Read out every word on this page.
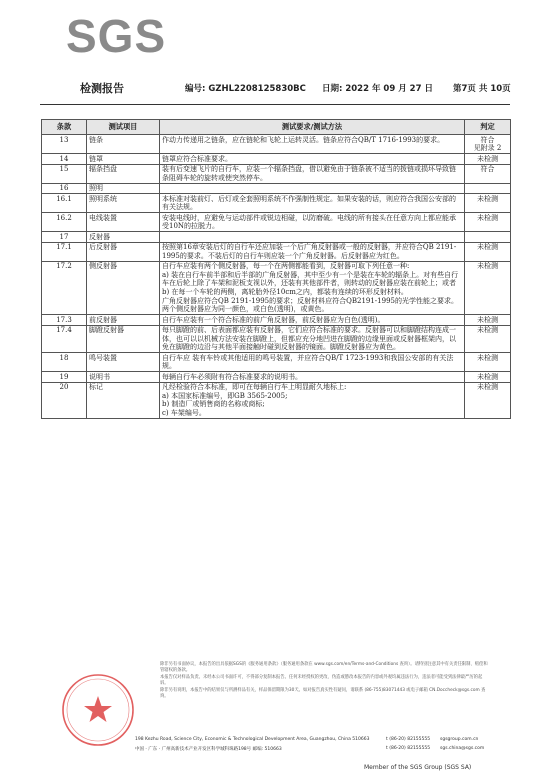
SGS
检测报告	编号: GZHL2208125830BC 日期: 2022 年 09 月 27 日 第7页 共 10页
条款	测试项目	测试要求/测试方法	判定
13	链条	作动力传递用之链条，应在链轮和飞轮上运转灵活。链条应符合QB/T 1716-1993的要求。	符合
见附录 2
14	链罩	链罩应符合标准要求。	未检测
15	辐条挡盘	装有后变速飞片的自行车，应装一个辐条挡盘，借以避免由于链条被不适当的拨链或损坏导致链条阻碍车轮的旋转或使突然停车。	符合
16	照明		
16.1	照明系统	本标准对装前灯、后灯或全套照明系统不作强制性规定。如果安装的话，则应符合我国公安部的有关法规。	未检测
16.2	电线装置	安装电线时，应避免与运动部件或锐边相碰，以防磨破。电线的所有接头在任意方向上都应能承受10N的拉脱力。	未检测
17	反射器		
17.1	后反射器	按照第16章安装后灯的自行车还应加装一个后广角反射器或一般的反射器，并应符合QB 2191-1995的要求。不装后灯的自行车则应装一个广角反射器。后反射器应为红色。	未检测
17.2	侧反射器	自行车应装有两个侧反射器，每一个在两侧都能看到，反射器可取下列任意一种:
a) 装在自行车前半部和后半部的广角反射器，其中至少有一个是装在车轮的辐条上。对有些自行车在后轮上除了车架和泥板支视以外，还装有其他部件者，则转动的反射器应装在前轮上；或者
b) 在每一个车轮的两侧，离轮胎外径10cm之内，都装有连续的环形反射材料。
广角反射器应符合QB 2191-1995的要求；反射材料应符合QB2191-1995的光学性能之要求。两个侧反射器应为同一颜色，或白色(透明)，或黄色。	未检测
17.3	前反射器	自行车应装有一个符合标准的前广角反射器，前反射器应为白色(透明)。	未检测
17.4	脚蹬反射器	每只脚蹬的前、后表面都应装有反射器，它们应符合标准的要求。反射器可以和脚蹬结构连成一体，也可以以机械方法安装在脚蹬上，但都应充分地凹进在脚蹬的边缘里面或反射器框架内，以免在脚蹬的边沿与其他平面接触时碰到反射器的镜面。脚蹬反射器应为黄色。	未检测
18	鸣号装置	自行车应 装有车铃或其他适用的鸣号装置，并应符合QB/T 1723-1993和我国公安部的有关法规。	未检测
19	说明书	每辆自行车必须附有符合标准要求的说明书。	未检测
20	标记	凡经检验符合本标准，即可在每辆自行车上明显耐久地标上:
a) 本国家标准编号，即GB 3565-2005;
b) 制造厂或销售商的名称或商标;
c) 车架编号。	未检测

除非另有书面协议，本报告的出具依据SGS的《服务通用条款》（服务通用条款在 www.sgs.com/en/Terms-and-Conditions 查询）。请特别注意其中有关责任限制、赔偿和管辖权的条款。

本报告仅对样品负责。未经本公司书面许可，不得部分复制本报告。任何未经授权的更改、伪造或篡改本报告的内容或外观均属违法行为，违法者可能受到法律最严厉的起诉。

除非另有说明，本报告中的结果仅与所测样品有关，样品保留期限为30天。如对报告真实性有疑问，请联系 (86-755)83071443 或电子邮箱 CN.Doccheck@sgs.com 查询。

198 Kezhu Road, Science City, Economic & Technological Development Area, Guangzhou, China 510663
中国 · 广东 · 广州高新技术产业开发区科学城科珠路198号 邮编: 510663
t (86-20) 82155555
t (86-20) 82155555
sgsgroup.com.cn
sgs.china@sgs.com
Member of the SGS Group (SGS SA)
